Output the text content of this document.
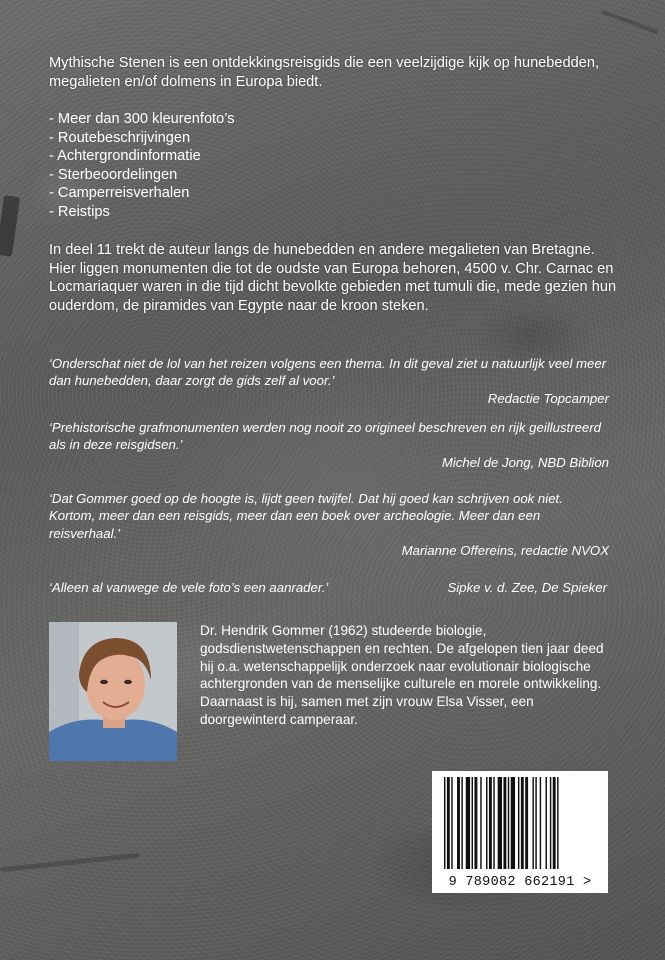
Mythische Stenen is een ontdekkingsreisgids die een veelzijdige kijk op hunebedden, megalieten en/of dolmens in Europa biedt.

- Meer dan 300 kleurenfoto’s
- Routebeschrijvingen
- Achtergrondinformatie
- Sterbeoordelingen
- Camperreisverhalen
- Reistips

In deel 11 trekt de auteur langs de hunebedden en andere megalieten van Bretagne. Hier liggen monumenten die tot de oudste van Europa behoren, 4500 v. Chr. Carnac en Locmariaquer waren in die tijd dicht bevolkte gebieden met tumuli die, mede gezien hun ouderdom, de piramides van Egypte naar de kroon steken.

‘Onderschat niet de lol van het reizen volgens een thema. In dit geval ziet u natuurlijk veel meer dan hunebedden, daar zorgt de gids zelf al voor.’
Redactie Topcamper
‘Prehistorische grafmonumenten werden nog nooit zo origineel beschreven en rijk geillustreerd als in deze reisgidsen.’
Michel de Jong, NBD Biblion
‘Dat Gommer goed op de hoogte is, lijdt geen twijfel. Dat hij goed kan schrijven ook niet. Kortom, meer dan een reisgids, meer dan een boek over archeologie. Meer dan een reisverhaal.’
Marianne Offereins, redactie NVOX
‘Alleen al vanwege de vele foto’s een aanrader.’	Sipke v. d. Zee, De Spieker

Dr. Hendrik Gommer (1962) studeerde biologie, godsdienstwetenschappen en rechten. De afgelopen tien jaar deed hij o.a. wetenschappelijk onderzoek naar evolutionair biologische achtergronden van de menselijke culturele en morele ontwikkeling. Daarnaast is hij, samen met zijn vrouw Elsa Visser, een doorgewinterd camperaar.

9 789082 662191 >
